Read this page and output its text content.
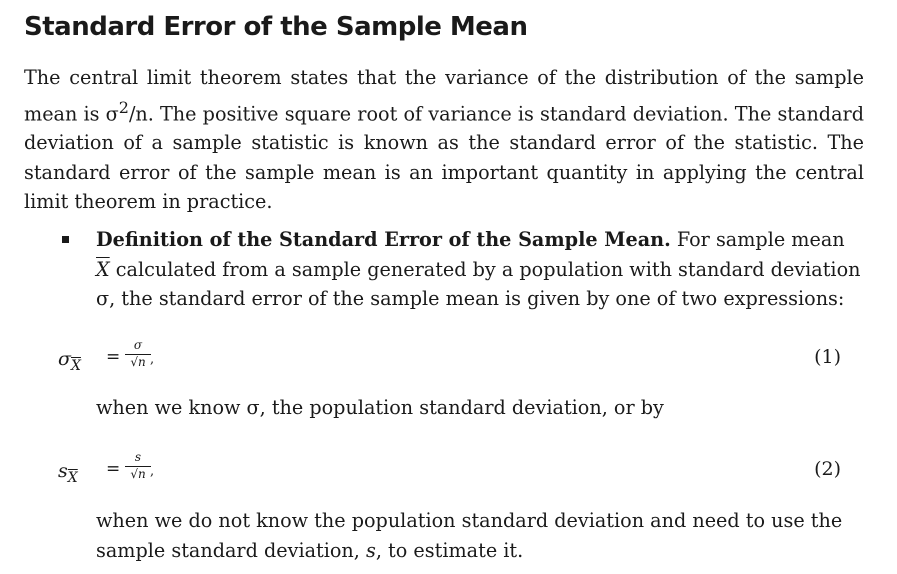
Standard Error of the Sample Mean

The central limit theorem states that the variance of the distribution of the sample mean is $\sigma^2/n$. The positive square root of variance is standard deviation. The standard deviation of a sample statistic is known as the standard error of the statistic. The standard error of the sample mean is an important quantity in applying the central limit theorem in practice.

Definition of the Standard Error of the Sample Mean. For sample mean $\overline{X}$ calculated from a sample generated by a population with standard deviation σ, the standard error of the sample mean is given by one of two expressions:

$\sigma_{\overline{X}}$ =
σ
√n ,	(1)

when we know σ, the population standard deviation, or by

$s_{\overline{X}}$ =
s
√n ,	(2)

when we do not know the population standard deviation and need to use the sample standard deviation, s, to estimate it.
